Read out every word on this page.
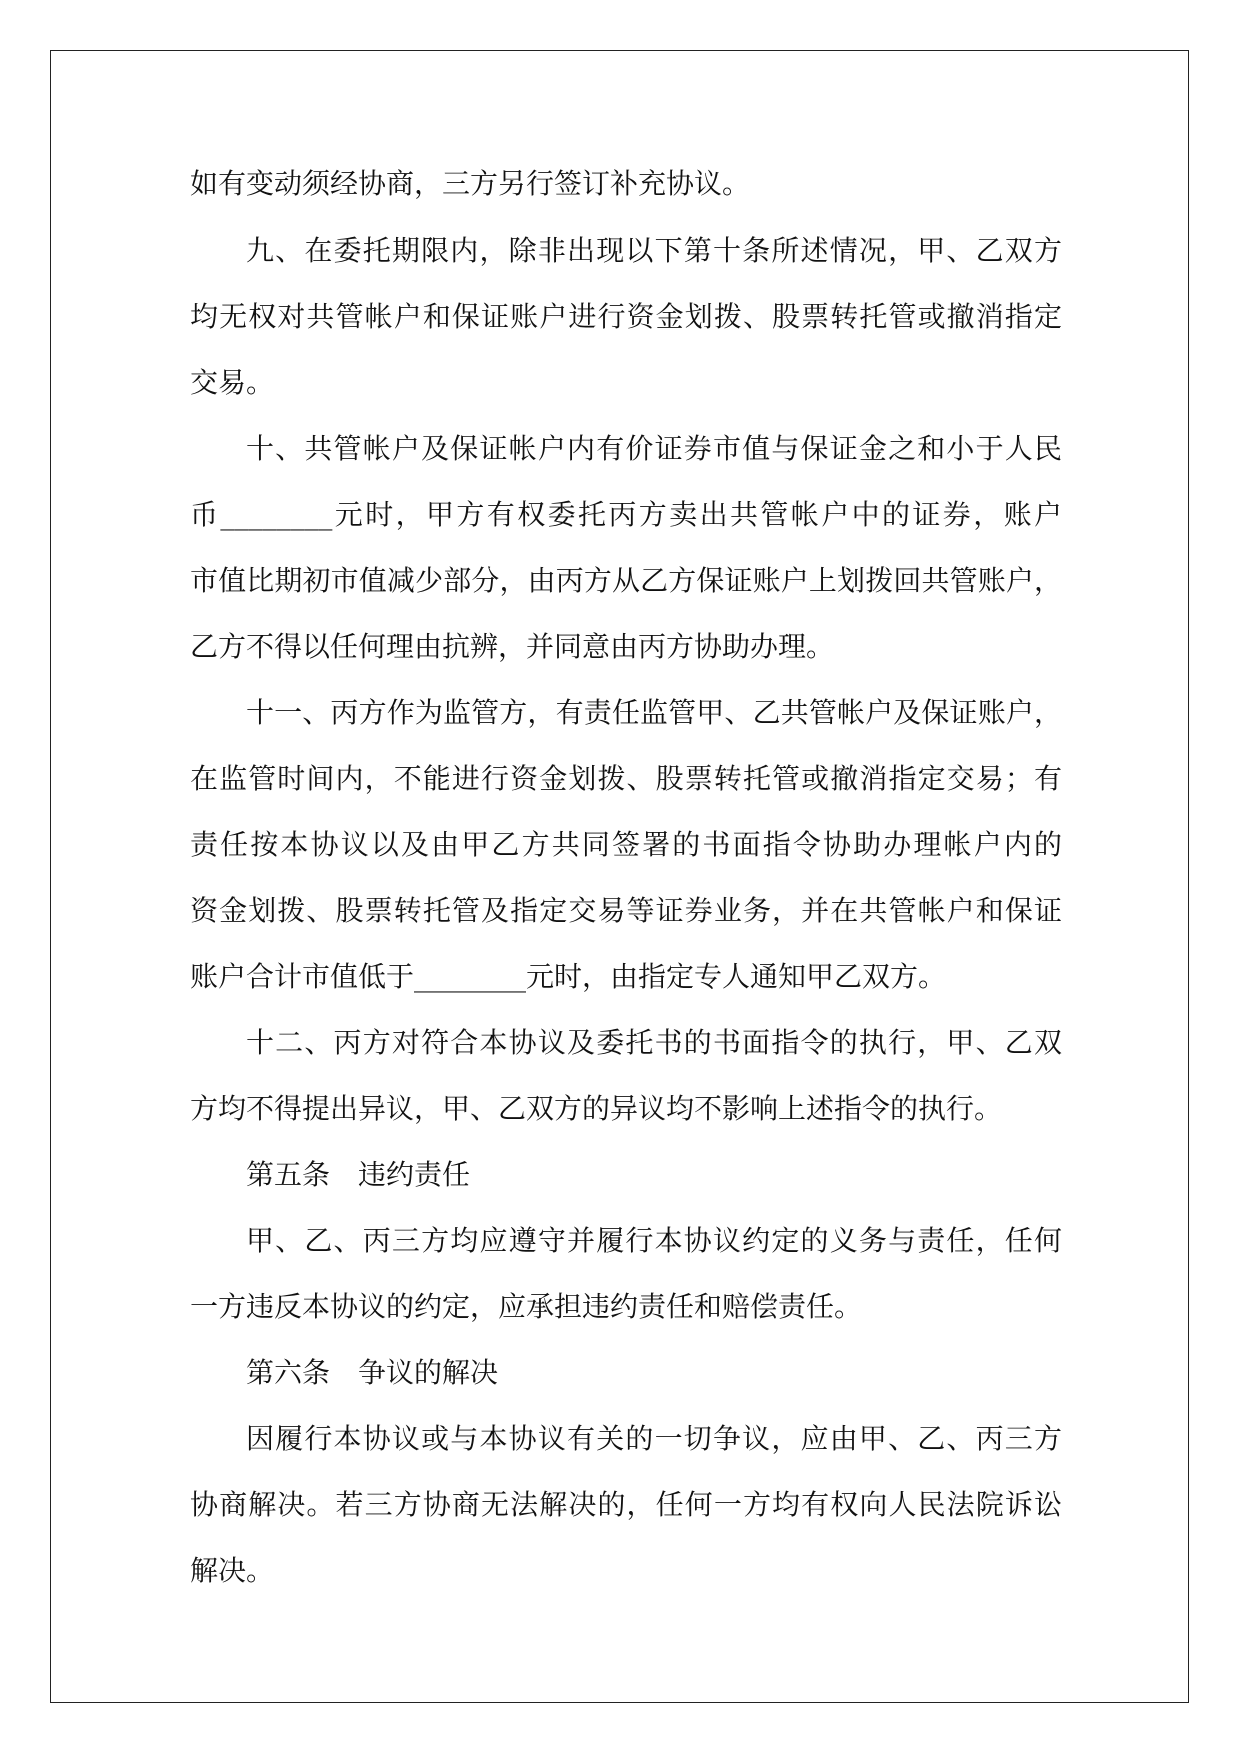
如有变动须经协商，三方另行签订补充协议。
九、在委托期限内，除非出现以下第十条所述情况，甲、乙双方
均无权对共管帐户和保证账户进行资金划拨、股票转托管或撤消指定
交易。
十、共管帐户及保证帐户内有价证券市值与保证金之和小于人民
币________元时，甲方有权委托丙方卖出共管帐户中的证券，账户
市值比期初市值减少部分，由丙方从乙方保证账户上划拨回共管账户，
乙方不得以任何理由抗辨，并同意由丙方协助办理。
十一、丙方作为监管方，有责任监管甲、乙共管帐户及保证账户，
在监管时间内，不能进行资金划拨、股票转托管或撤消指定交易；有
责任按本协议以及由甲乙方共同签署的书面指令协助办理帐户内的
资金划拨、股票转托管及指定交易等证券业务，并在共管帐户和保证
账户合计市值低于________元时，由指定专人通知甲乙双方。
十二、丙方对符合本协议及委托书的书面指令的执行，甲、乙双
方均不得提出异议，甲、乙双方的异议均不影响上述指令的执行。
第五条　违约责任
甲、乙、丙三方均应遵守并履行本协议约定的义务与责任，任何
一方违反本协议的约定，应承担违约责任和赔偿责任。
第六条　争议的解决
因履行本协议或与本协议有关的一切争议，应由甲、乙、丙三方
协商解决。若三方协商无法解决的，任何一方均有权向人民法院诉讼
解决。
